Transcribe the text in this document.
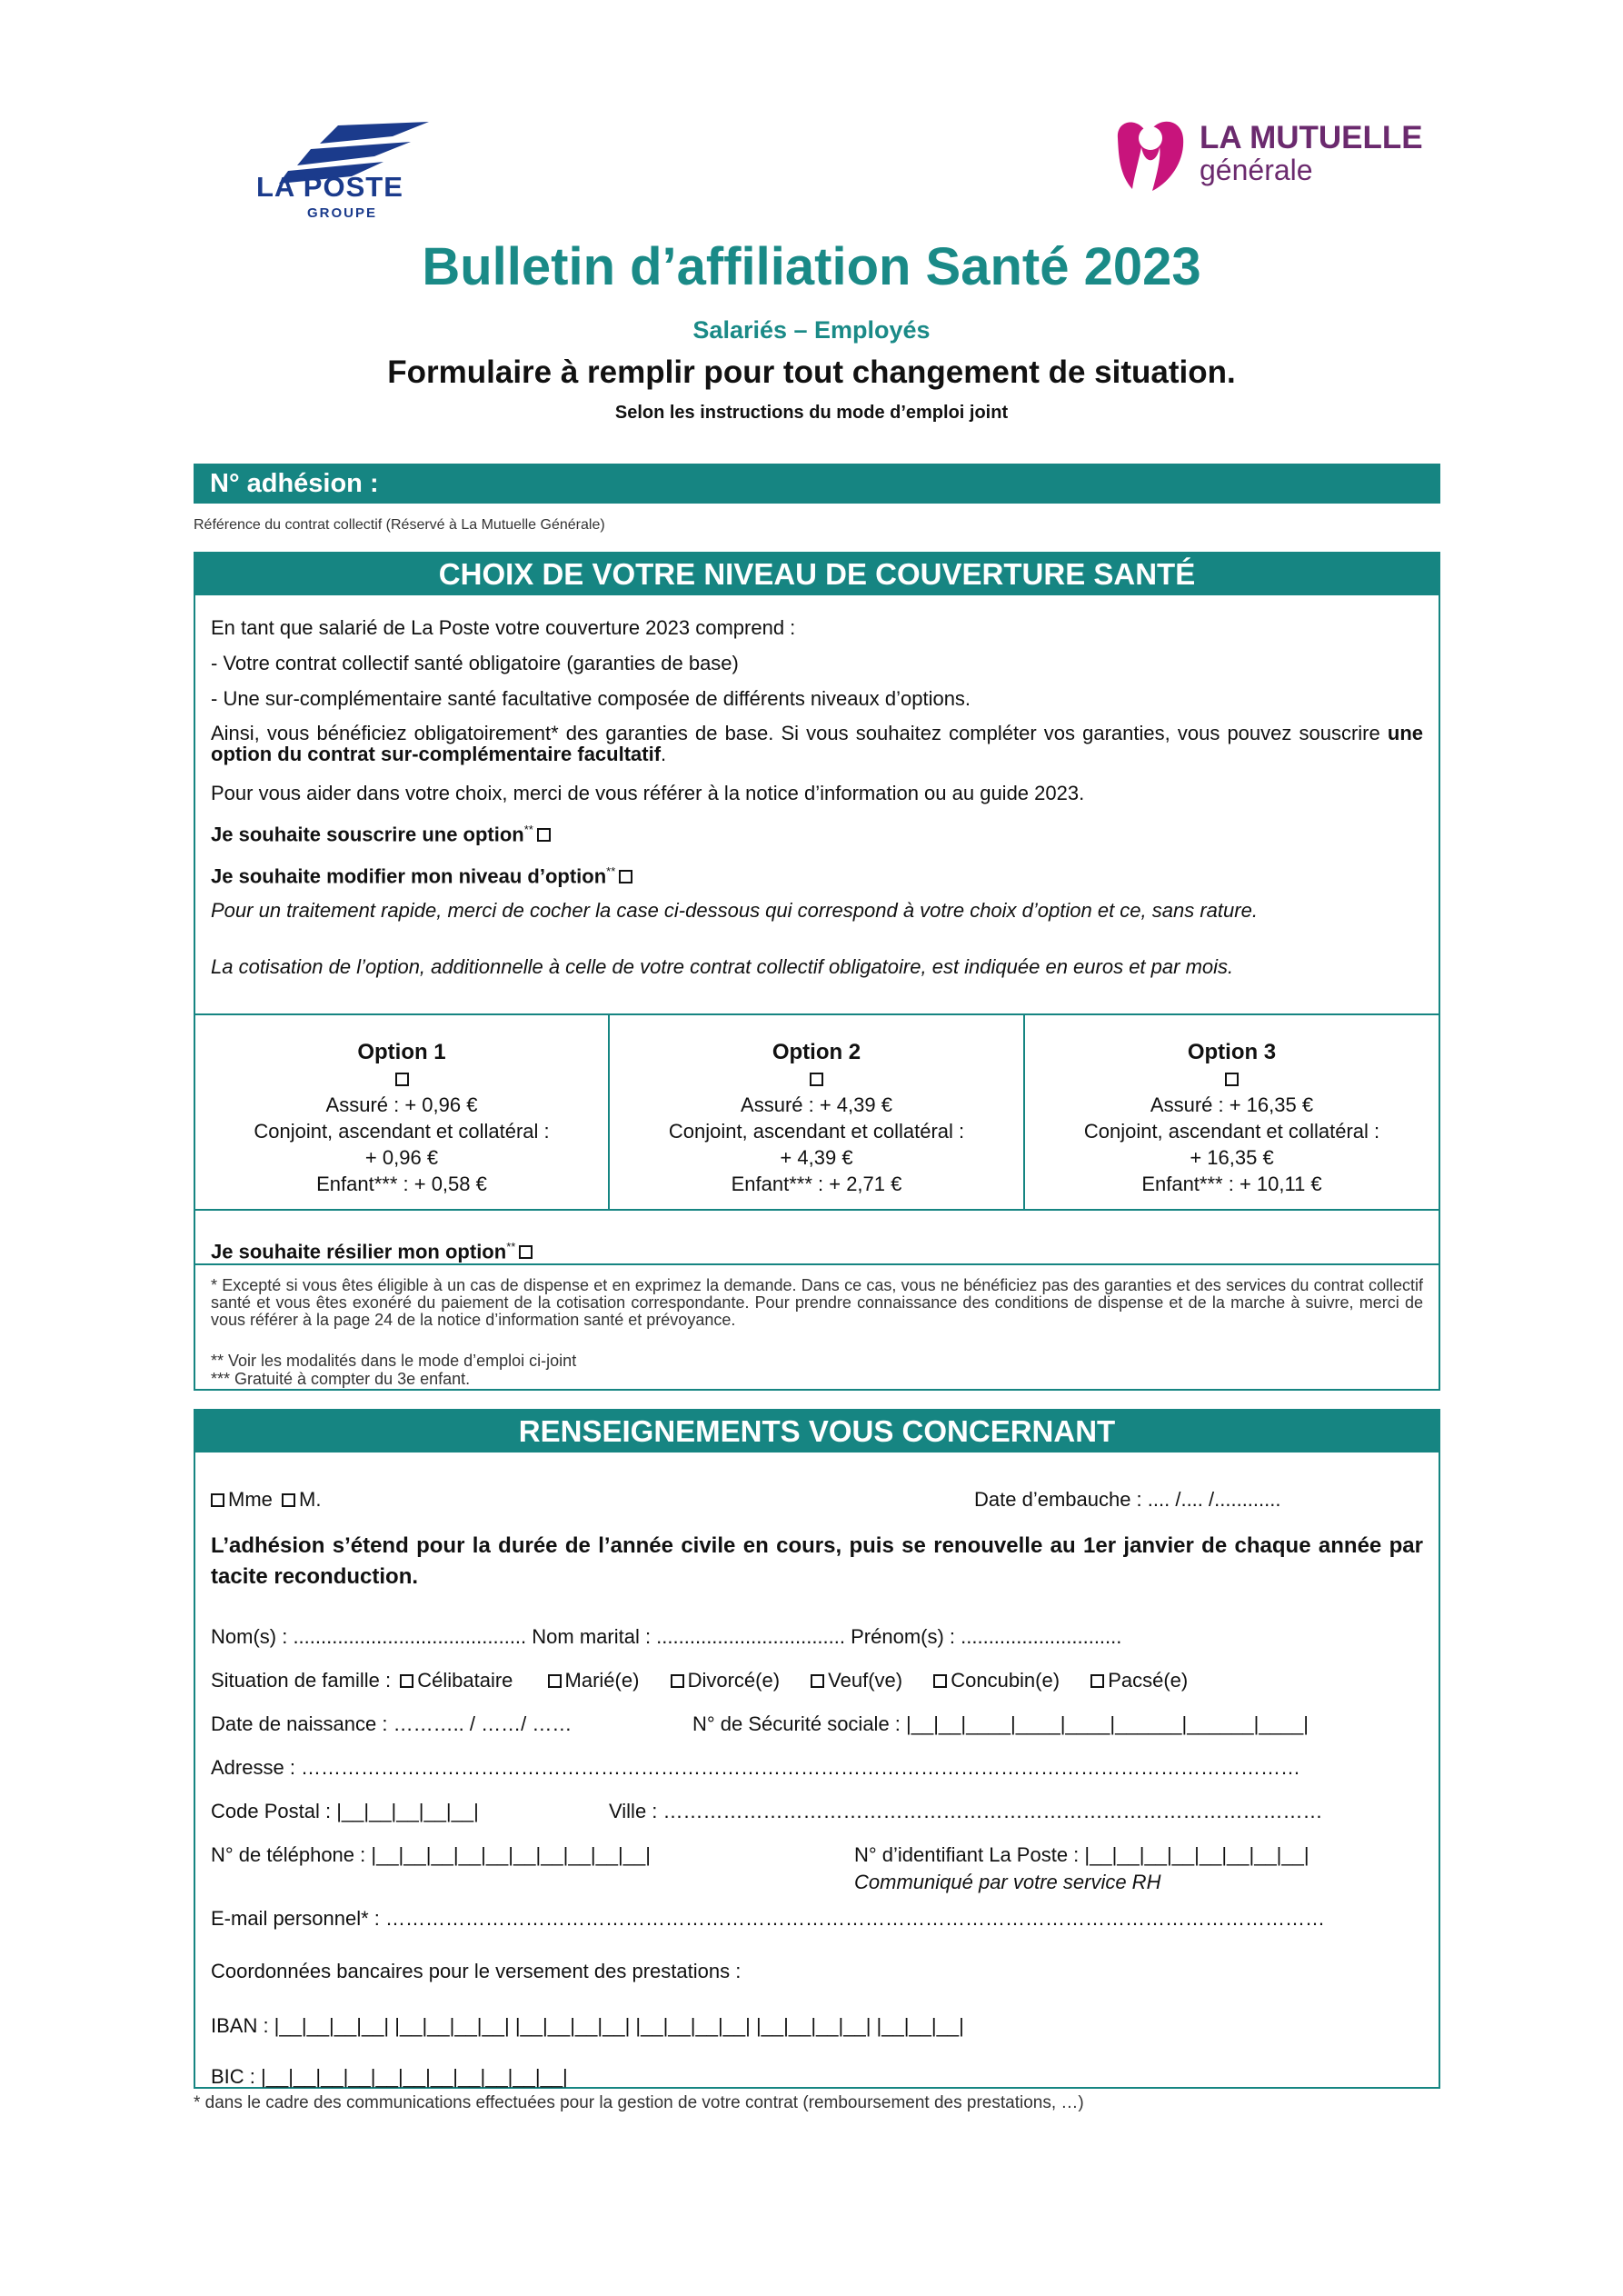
LA POSTE
GROUPE
LA MUTUELLE
générale
Bulletin d’affiliation Santé 2023
Salariés – Employés
Formulaire à remplir pour tout changement de situation.
Selon les instructions du mode d’emploi joint
N° adhésion :
Référence du contrat collectif (Réservé à La Mutuelle Générale)
CHOIX DE VOTRE NIVEAU DE COUVERTURE SANTÉ
En tant que salarié de La Poste votre couverture 2023 comprend :
- Votre contrat collectif santé obligatoire (garanties de base)
- Une sur-complémentaire santé facultative composée de différents niveaux d’options.
Ainsi, vous bénéficiez obligatoirement* des garanties de base. Si vous souhaitez compléter vos garanties, vous pouvez souscrire une option du contrat sur-complémentaire facultatif.
Pour vous aider dans votre choix, merci de vous référer à la notice d’information ou au guide 2023.
Je souhaite souscrire une option**
Je souhaite modifier mon niveau d’option**
Pour un traitement rapide, merci de cocher la case ci-dessous qui correspond à votre choix d’option et ce, sans rature.
La cotisation de l’option, additionnelle à celle de votre contrat collectif obligatoire, est indiquée en euros et par mois.
Option 1

Assuré : + 0,96 €
Conjoint, ascendant et collatéral :
+ 0,96 €
Enfant*** : + 0,58 €
Option 2

Assuré : + 4,39 €
Conjoint, ascendant et collatéral :
+ 4,39 €
Enfant*** : + 2,71 €
Option 3

Assuré : + 16,35 €
Conjoint, ascendant et collatéral :
+ 16,35 €
Enfant*** : + 10,11 €
Je souhaite résilier mon option**
* Excepté si vous êtes éligible à un cas de dispense et en exprimez la demande. Dans ce cas, vous ne bénéficiez pas des garanties et des services du contrat collectif santé et vous êtes exonéré du paiement de la cotisation correspondante. Pour prendre connaissance des conditions de dispense et de la marche à suivre, merci de vous référer à la page 24 de la notice d’information santé et prévoyance.
** Voir les modalités dans le mode d’emploi ci-joint
*** Gratuité à compter du 3e enfant.
RENSEIGNEMENTS VOUS CONCERNANT
Mme M.	Date d’embauche : .... /.... /............
L’adhésion s’étend pour la durée de l’année civile en cours, puis se renouvelle au 1er janvier de chaque année par tacite reconduction.
Nom(s) : .......................................... Nom marital : .................................. Prénom(s) : .............................
Situation de famille : Célibataire	Marié(e) Divorcé(e) Veuf(ve) Concubin(e) Pacsé(e)
Date de naissance : ……….. / ……/ ……	N° de Sécurité sociale : |__|__|____|____|____|______|______|____|
Adresse : ……………………………………………………………………………………………………………………………………
Code Postal : |__|__|__|__|__|	Ville : ………………………………………………………………………………………
N° de téléphone : |__|__|__|__|__|__|__|__|__|__|	N° d’identifiant La Poste : |__|__|__|__|__|__|__|__|
Communiqué par votre service RH
E-mail personnel* : ……………………………………………………………………………………………………………………………
Coordonnées bancaires pour le versement des prestations :
IBAN : |__|__|__|__| |__|__|__|__| |__|__|__|__| |__|__|__|__| |__|__|__|__| |__|__|__|
BIC : |__|__|__|__|__|__|__|__|__|__|__|
* dans le cadre des communications effectuées pour la gestion de votre contrat (remboursement des prestations, …)
